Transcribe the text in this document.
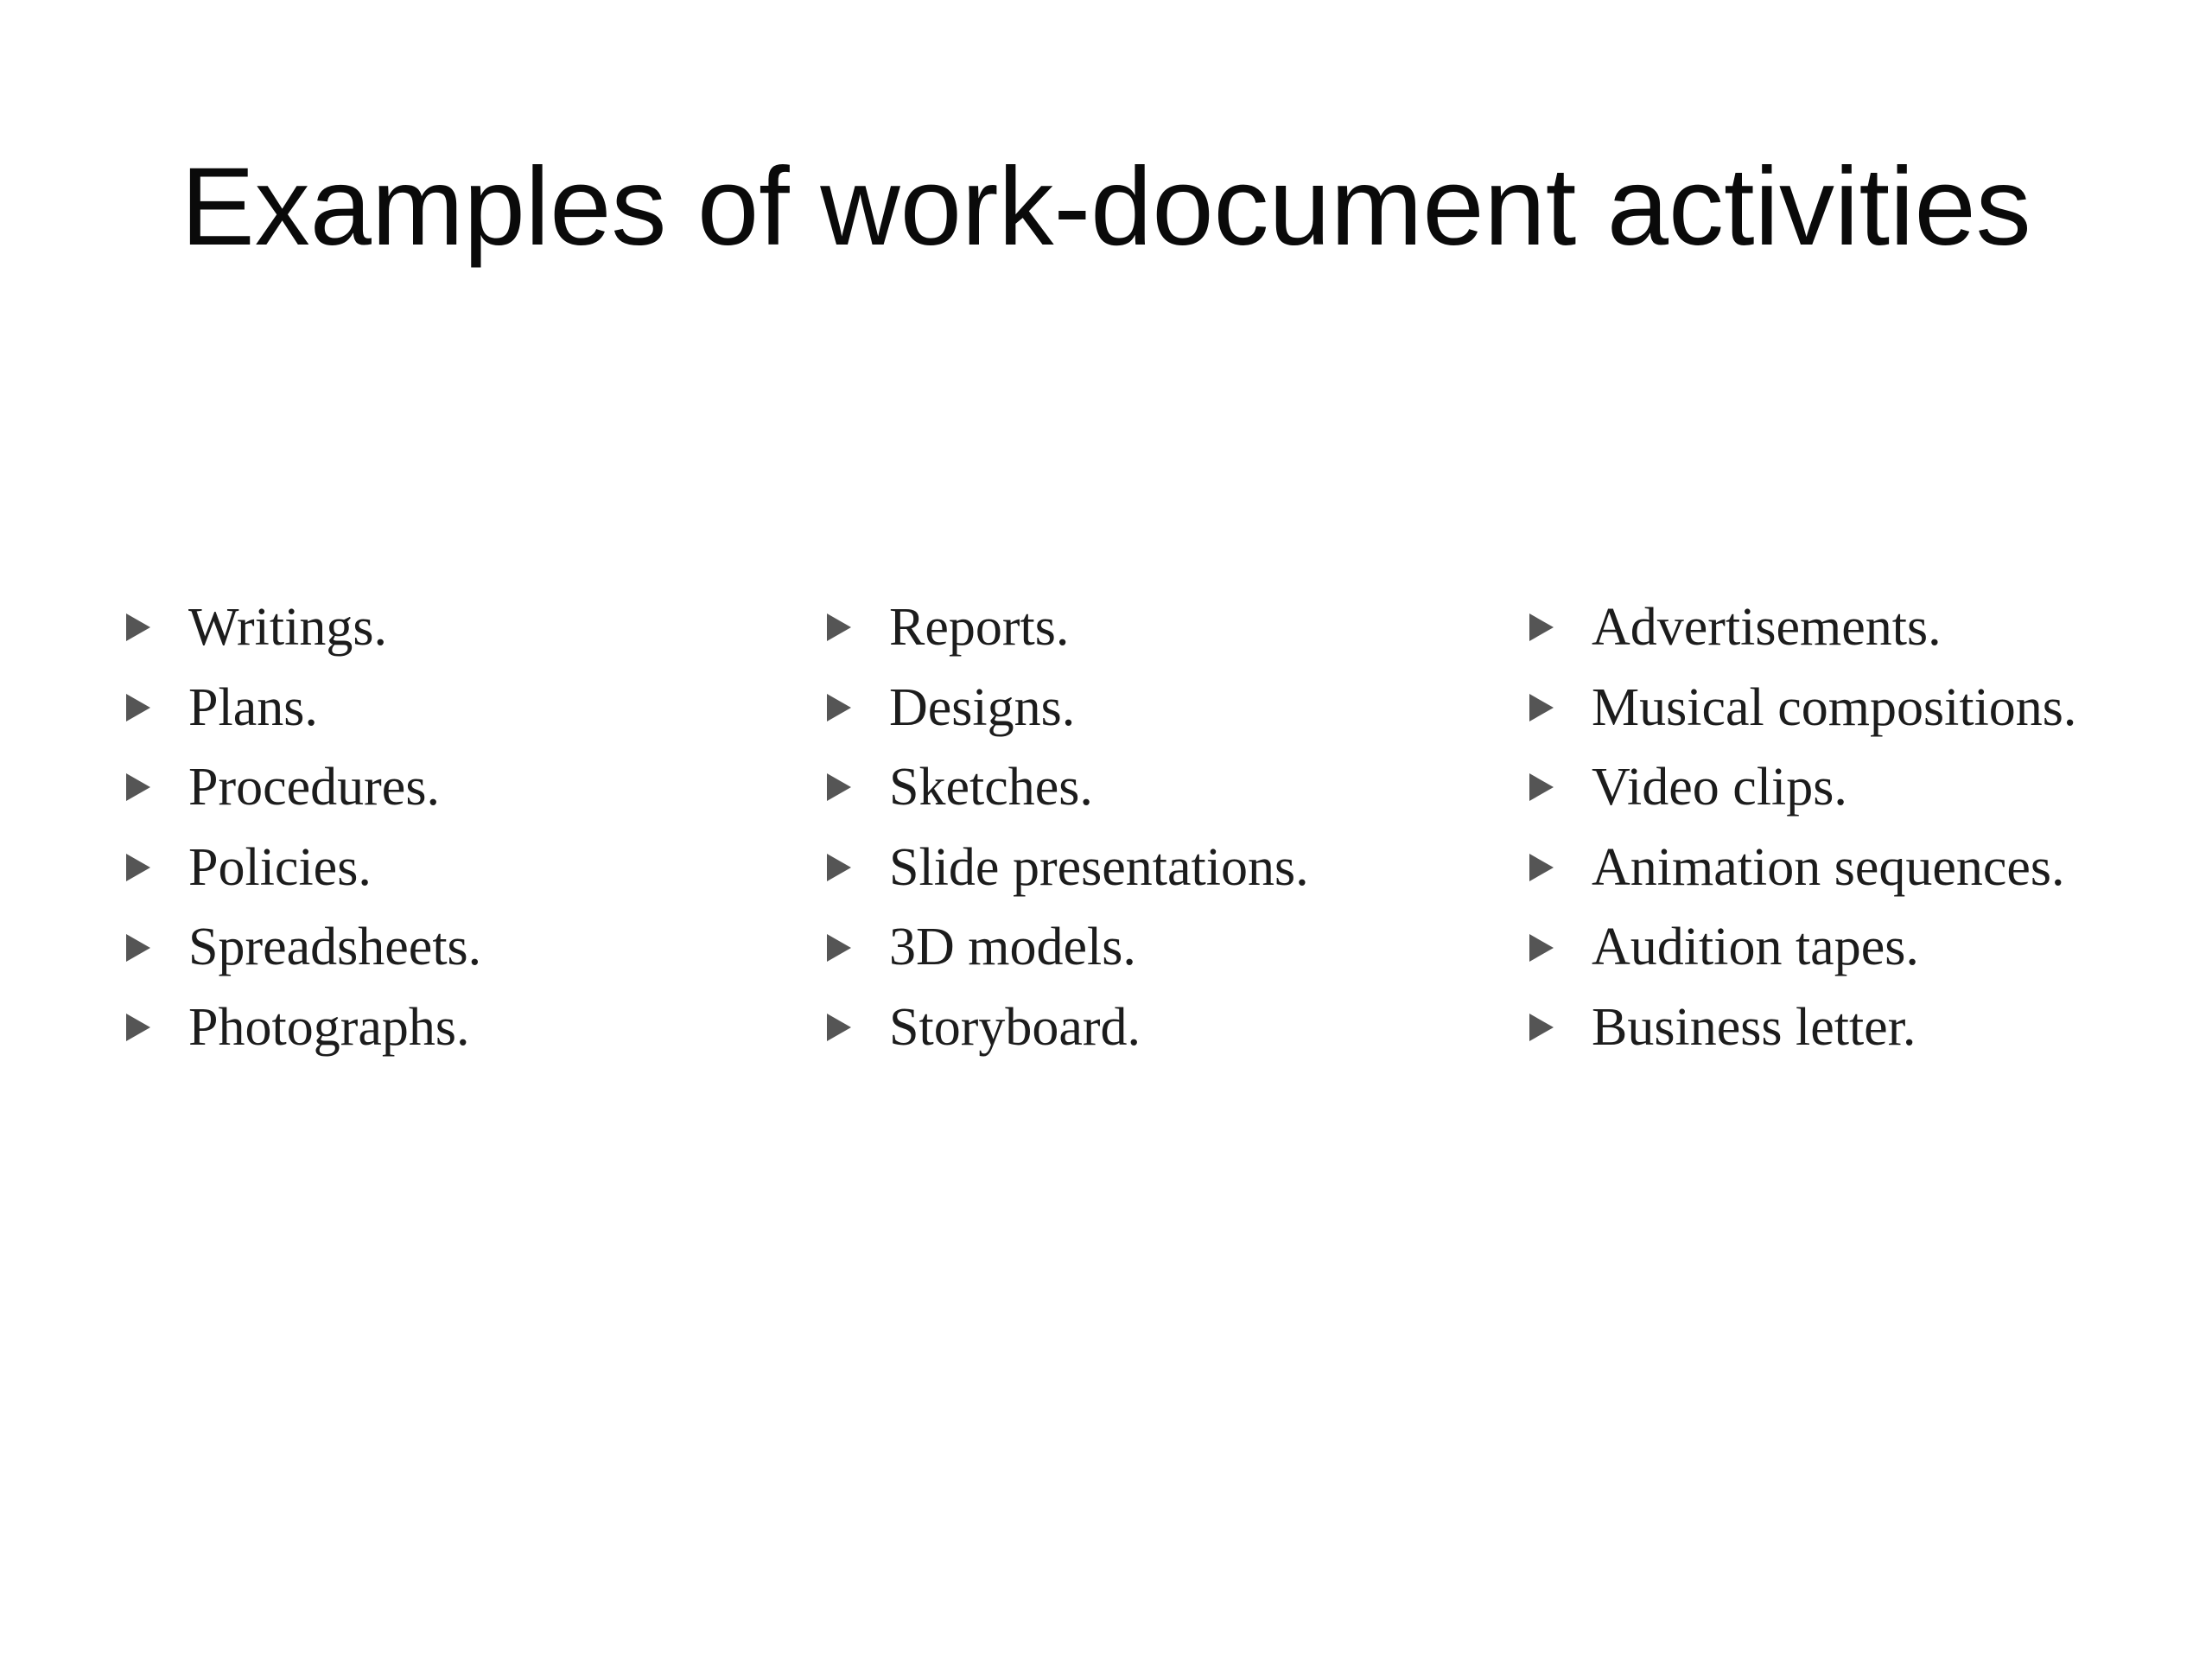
Examples of work-document activities
Writings.
Plans.
Procedures.
Policies.
Spreadsheets.
Photographs.
Reports.
Designs.
Sketches.
Slide presentations.
3D models.
Storyboard.
Advertisements.
Musical compositions.
Video clips.
Animation sequences.
Audition tapes.
Business letter.
